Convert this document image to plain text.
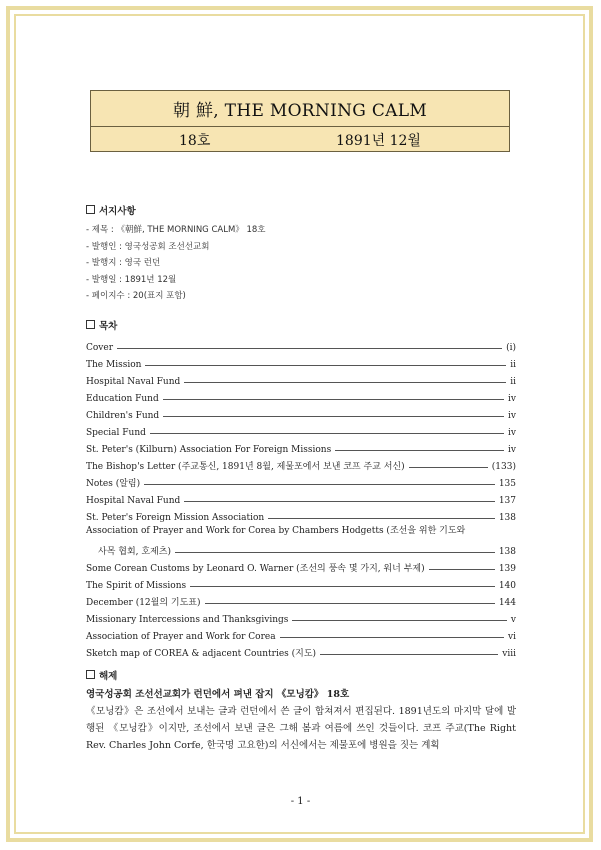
朝 鮮, THE MORNING CALM
18호	1891년 12월
서지사항
- 제목 : 《朝鮮, THE MORNING CALM》 18호
- 발행인 : 영국성공회 조선선교회
- 발행지 : 영국 런던
- 발행일 : 1891년 12월
- 페이지수 : 20(표지 포함)
목차
Cover	(i)
The Mission	ii
Hospital Naval Fund	ii
Education Fund	iv
Children's Fund	iv
Special Fund	iv
St. Peter's (Kilburn) Association For Foreign Missions	iv
The Bishop's Letter (주교통신, 1891년 8월, 제물포에서 보낸 코프 주교 서신)	(133)
Notes (알림)	135
Hospital Naval Fund	137
St. Peter's Foreign Mission Association	138
Association of Prayer and Work for Corea by Chambers Hodgetts (조선을 위한 기도와
사목 협회, 호제츠)	138
Some Corean Customs by Leonard O. Warner (조선의 풍속 몇 가지, 워너 부제)	139
The Spirit of Missions	140
December (12월의 기도표)	144
Missionary Intercessions and Thanksgivings	v
Association of Prayer and Work for Corea	vi
Sketch map of COREA & adjacent Countries (지도)	viii
해제
영국성공회 조선선교회가 런던에서 펴낸 잡지 《모닝캄》 18호

《모닝캄》은 조선에서 보내는 글과 런던에서 쓴 글이 합쳐져서 편집된다. 1891년도의 마지막 달에 발행된 《모닝캄》이지만, 조선에서 보낸 글은 그해 봄과 여름에 쓰인 것들이다. 코프 주교(The Right Rev. Charles John Corfe, 한국명 고요한)의 서신에서는 제물포에 병원을 짓는 계획

- 1 -
